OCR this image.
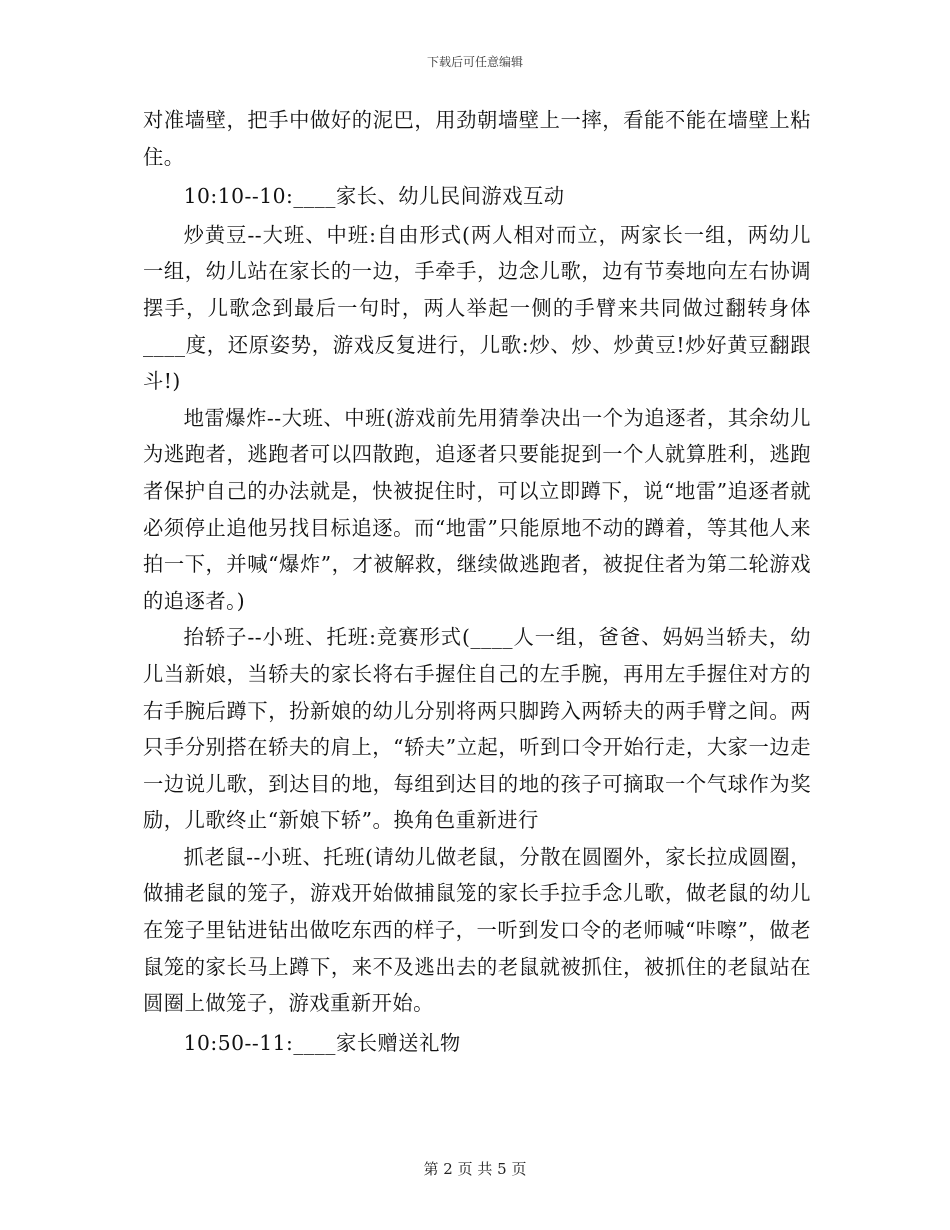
下载后可任意编辑

对准墙壁，把手中做好的泥巴，用劲朝墙壁上一摔，看能不能在墙壁上粘住。

10:10--10:____家长、幼儿民间游戏互动

炒黄豆--大班、中班:自由形式(两人相对而立，两家长一组，两幼儿一组，幼儿站在家长的一边，手牵手，边念儿歌，边有节奏地向左右协调摆手，儿歌念到最后一句时，两人举起一侧的手臂来共同做过翻转身体____度，还原姿势，游戏反复进行，儿歌:炒、炒、炒黄豆!炒好黄豆翻跟斗!)

地雷爆炸--大班、中班(游戏前先用猜拳决出一个为追逐者，其余幼儿为逃跑者，逃跑者可以四散跑，追逐者只要能捉到一个人就算胜利，逃跑者保护自己的办法就是，快被捉住时，可以立即蹲下，说“地雷”追逐者就必须停止追他另找目标追逐。而“地雷”只能原地不动的蹲着，等其他人来拍一下，并喊“爆炸”，才被解救，继续做逃跑者，被捉住者为第二轮游戏的追逐者。)

抬轿子--小班、托班:竞赛形式(____人一组，爸爸、妈妈当轿夫，幼儿当新娘，当轿夫的家长将右手握住自己的左手腕，再用左手握住对方的右手腕后蹲下，扮新娘的幼儿分别将两只脚跨入两轿夫的两手臂之间。两只手分别搭在轿夫的肩上，“轿夫”立起，听到口令开始行走，大家一边走一边说儿歌，到达目的地，每组到达目的地的孩子可摘取一个气球作为奖励，儿歌终止“新娘下轿”。换角色重新进行

抓老鼠--小班、托班(请幼儿做老鼠，分散在圆圈外，家长拉成圆圈，做捕老鼠的笼子，游戏开始做捕鼠笼的家长手拉手念儿歌，做老鼠的幼儿在笼子里钻进钻出做吃东西的样子，一听到发口令的老师喊“咔嚓”，做老鼠笼的家长马上蹲下，来不及逃出去的老鼠就被抓住，被抓住的老鼠站在圆圈上做笼子，游戏重新开始。

10:50--11:____家长赠送礼物

第 2 页 共 5 页
